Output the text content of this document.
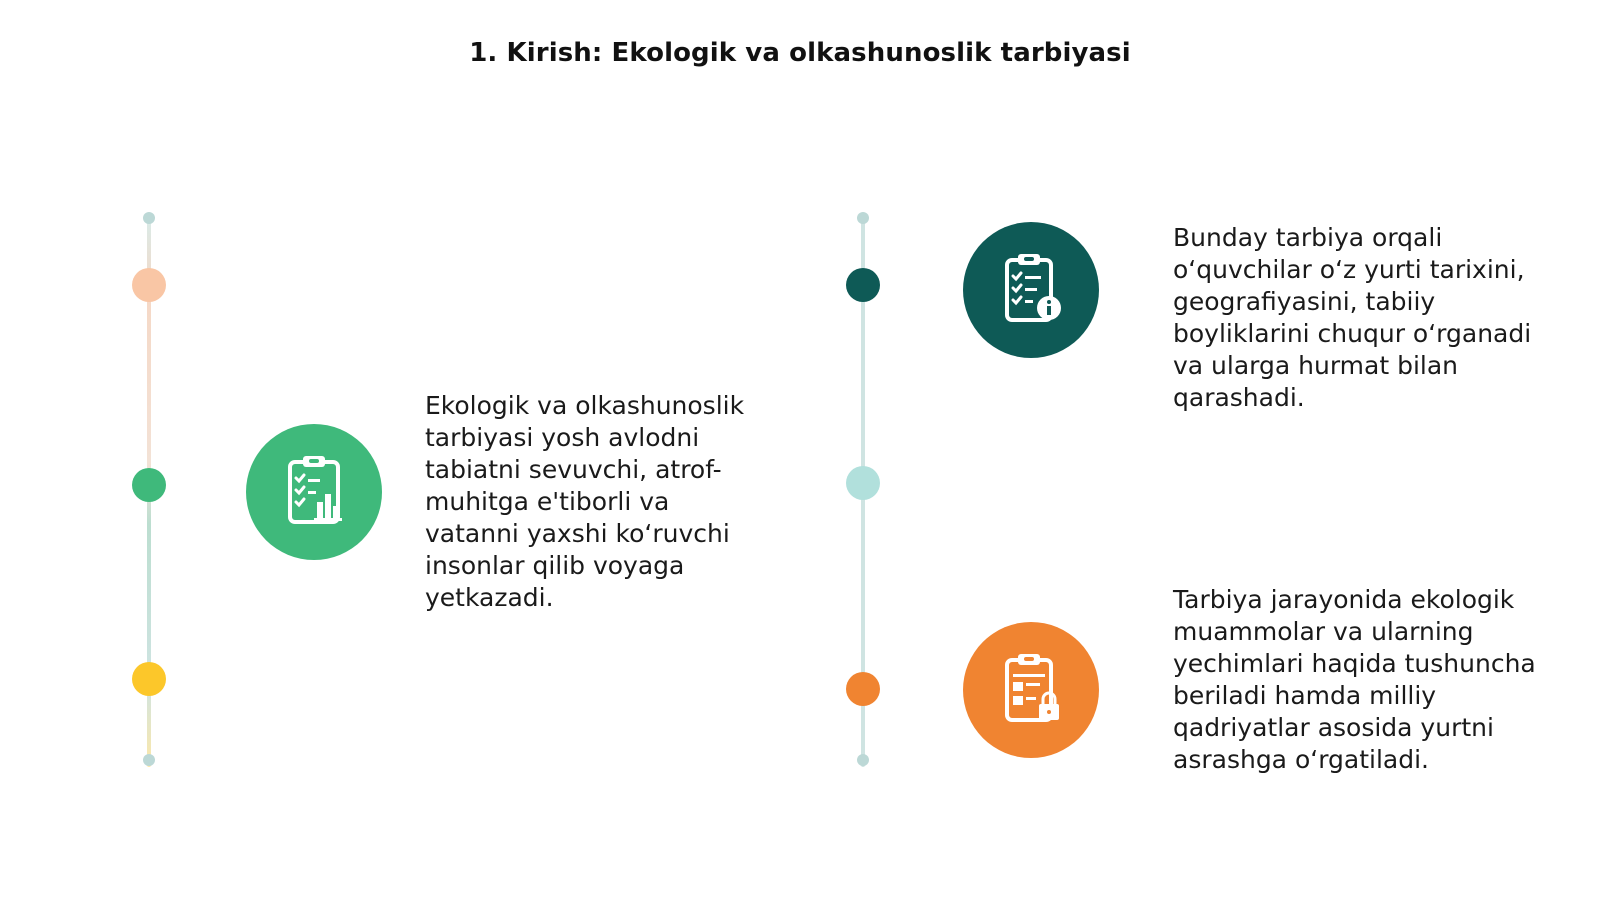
1. Kirish: Ekologik va olkashunoslik tarbiyasi
Ekologik va olkashunoslik tarbiyasi yosh avlodni tabiatni sevuvchi, atrof-muhitga e'tiborli va vatanni yaxshi koʻruvchi insonlar qilib voyaga yetkazadi.
Bunday tarbiya orqali oʻquvchilar oʻz yurti tarixini, geografiyasini, tabiiy boyliklarini chuqur oʻrganadi va ularga hurmat bilan qarashadi.
Tarbiya jarayonida ekologik muammolar va ularning yechimlari haqida tushuncha beriladi hamda milliy qadriyatlar asosida yurtni asrashga oʻrgatiladi.
